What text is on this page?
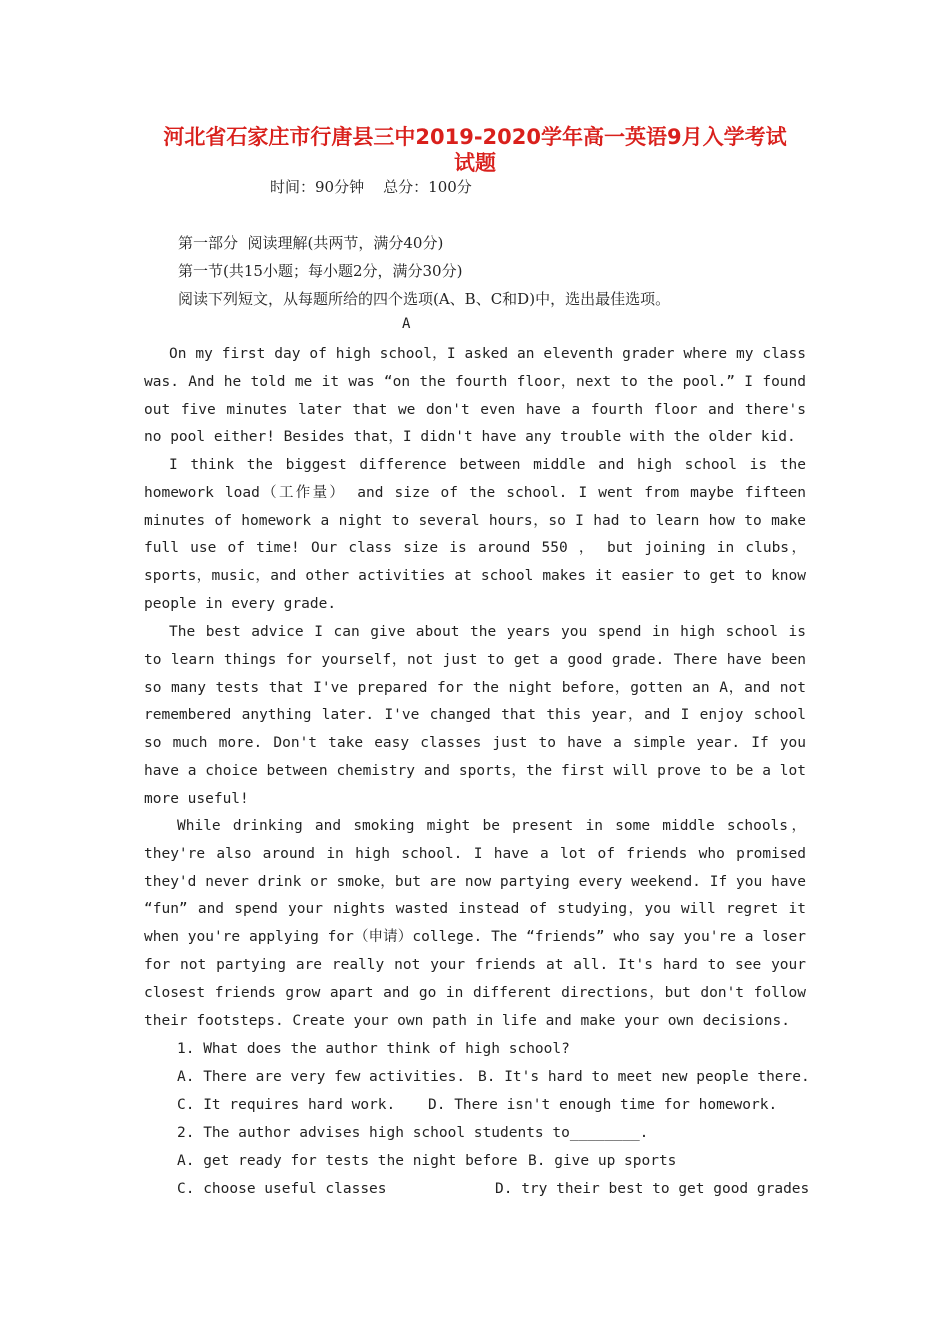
河北省石家庄市行唐县三中2019-2020学年高一英语9月入学考试
试题
时间：90分钟    总分：100分
第一部分  阅读理解(共两节，满分40分)
第一节(共15小题；每小题2分，满分30分)
阅读下列短文，从每题所给的四个选项(A、B、C和D)中，选出最佳选项。
A
On my first day of high school，I asked an eleventh grader where my class was. And he told me it was “on the fourth floor，next to the pool.” I found out five minutes later that we don't even have a fourth floor and there's no pool either! Besides that，I didn't have any trouble with the older kid.
I think the biggest difference between middle and high school is the homework load（工作量） and size of the school. I went from maybe fifteen minutes of homework a night to several hours，so I had to learn how to make full use of time! Our class size is around 550 ， but joining in clubs，sports，music，and other activities at school makes it easier to get to know people in every grade.
The best advice I can give about the years you spend in high school is to learn things for yourself，not just to get a good grade. There have been so many tests that I've prepared for the night before，gotten an A，and not remembered anything later. I've changed that this year，and I enjoy school so much more. Don't take easy classes just to have a simple year. If you have a choice between chemistry and sports，the first will prove to be a lot more useful!
While drinking and smoking might be present in some middle schools，they're also around in high school. I have a lot of friends who promised they'd never drink or smoke，but are now partying every weekend. If you have “fun” and spend your nights wasted instead of studying，you will regret it when you're applying for（申请）college. The “friends” who say you're a loser for not partying are really not your friends at all. It's hard to see your closest friends grow apart and go in different directions，but don't follow their footsteps. Create your own path in life and make your own decisions.
1. What does the author think of high school?
A. There are very few activities. B. It's hard to meet new people there.
C. It requires hard work. D. There isn't enough time for homework.
2. The author advises high school students to________.
A. get ready for tests the night before B. give up sports
C. choose useful classes	D. try their best to get good grades
